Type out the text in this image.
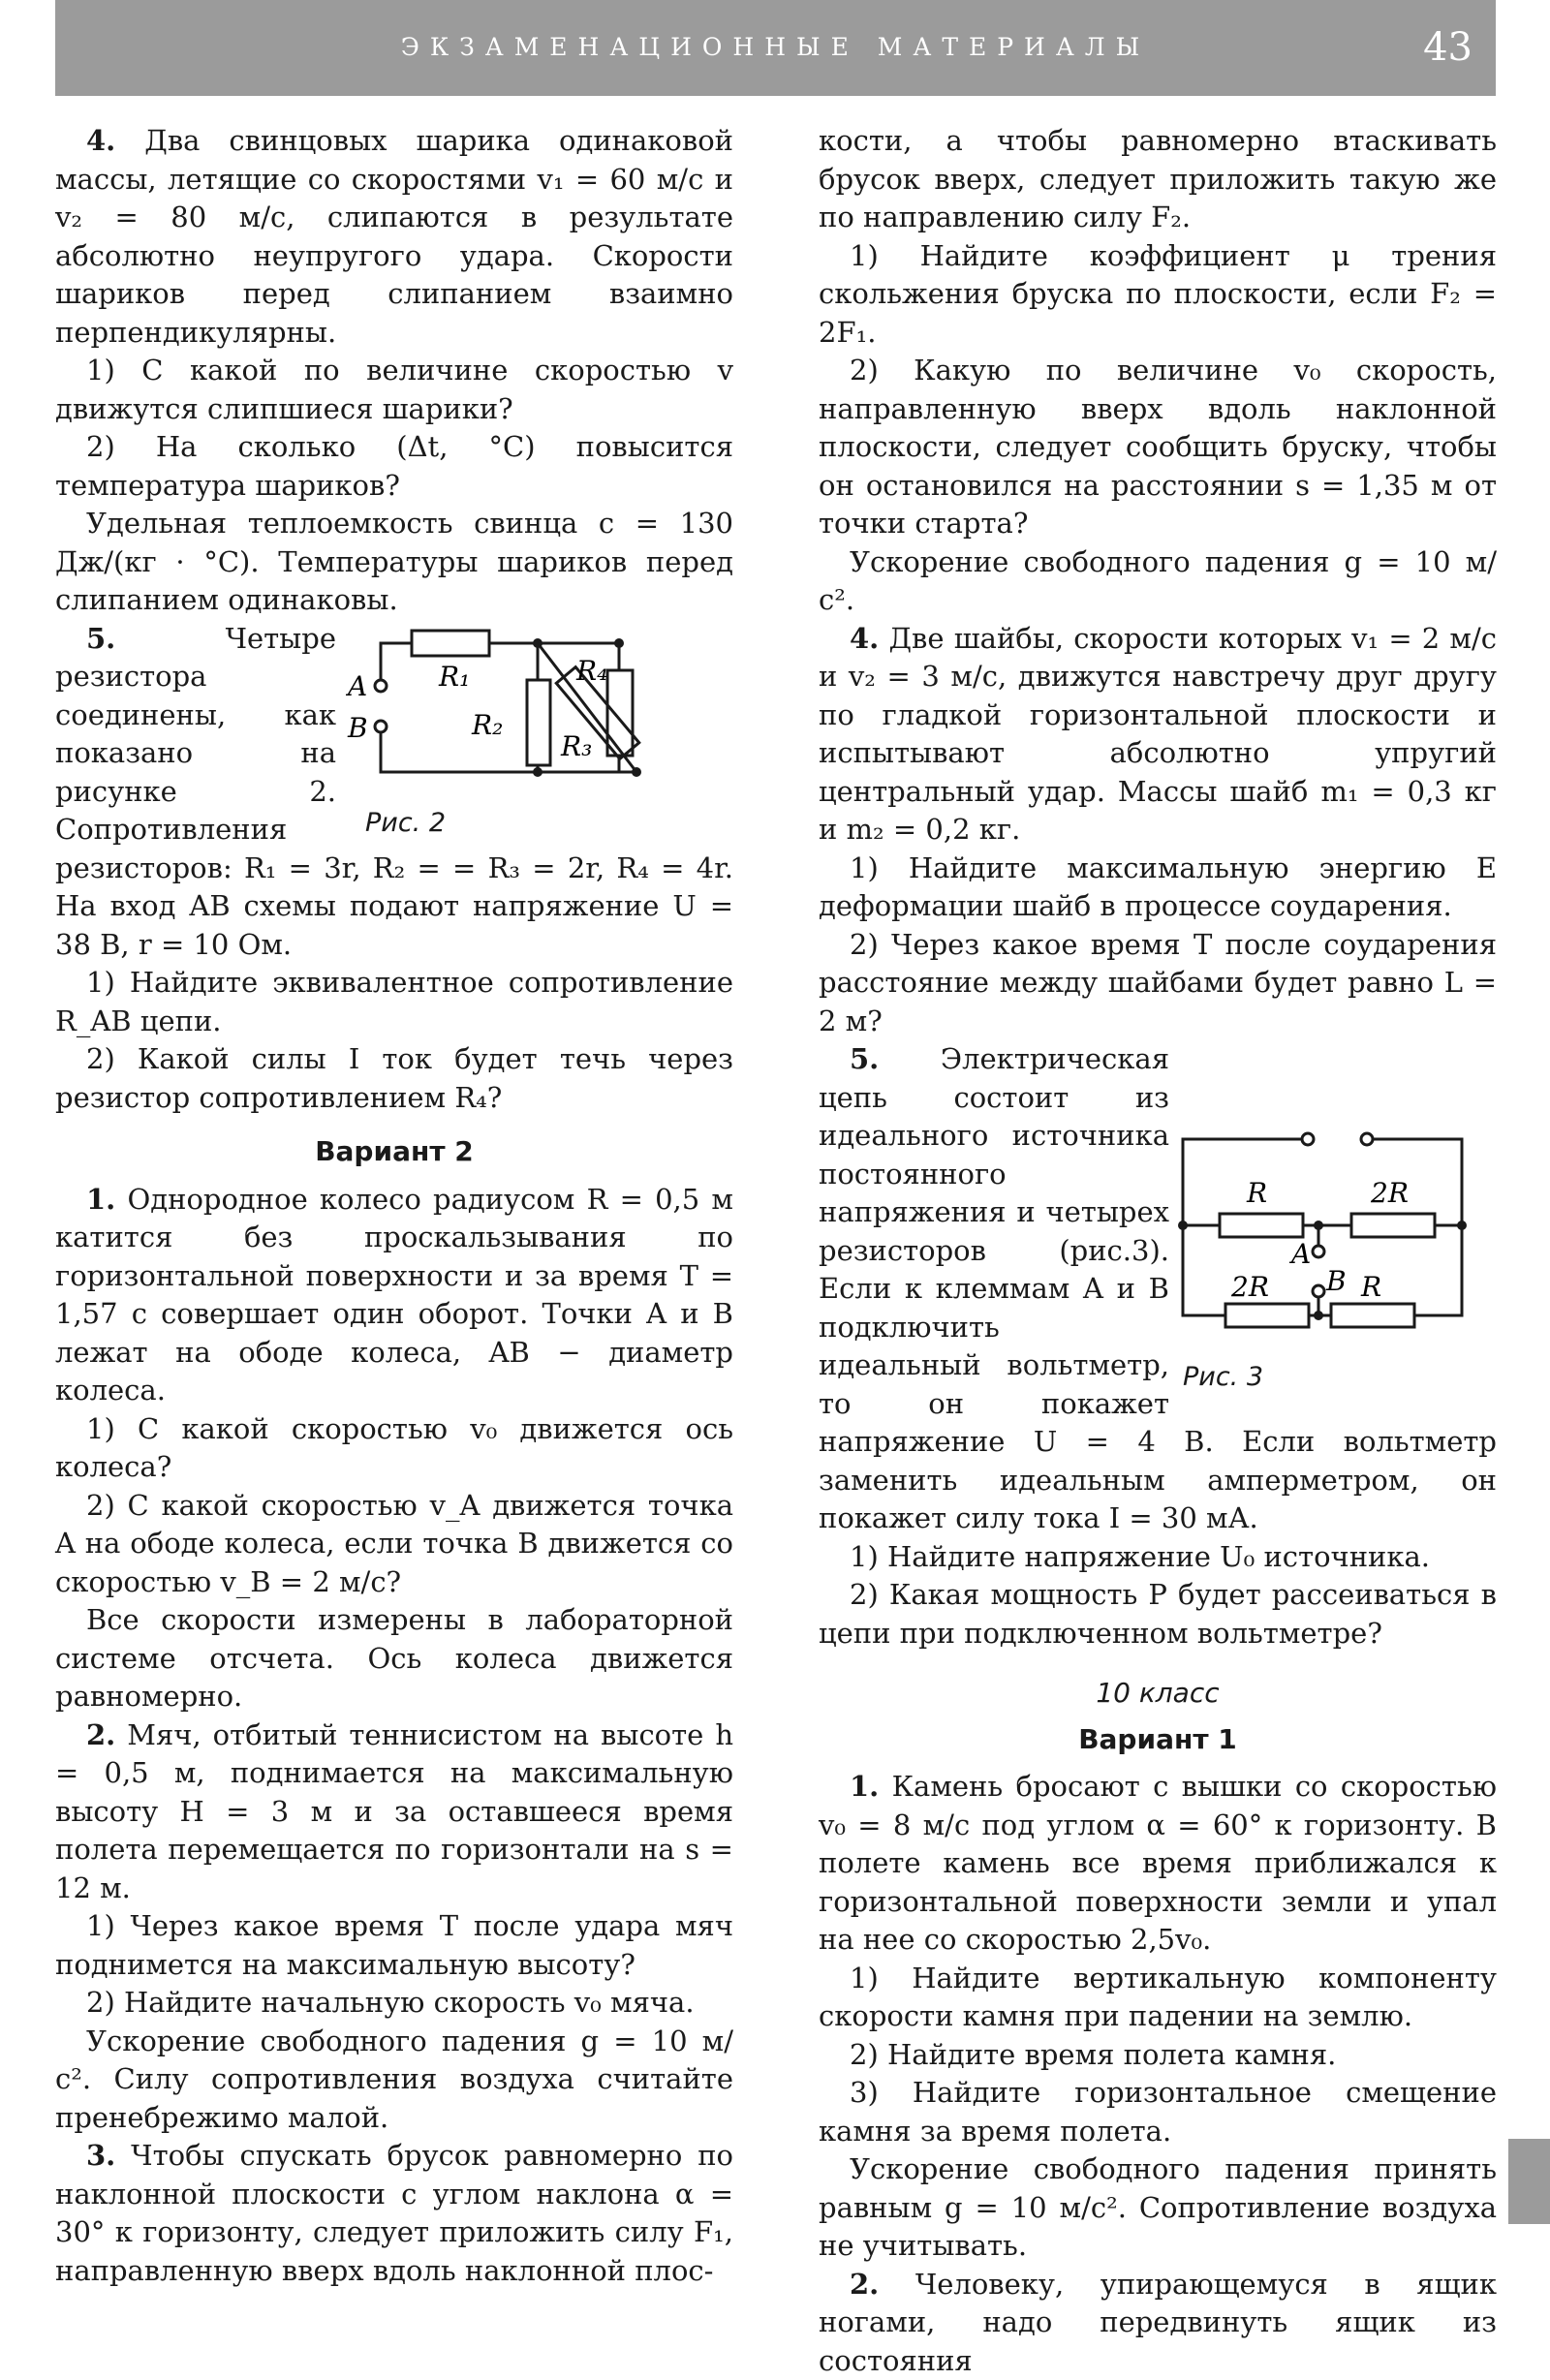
ЭКЗАМЕНАЦИОННЫЕ МАТЕРИАЛЫ	43

4. Два свинцовых шарика одинаковой массы, летящие со скоростями v₁ = 60 м/с и v₂ = 80 м/с, слипаются в результате абсолютно неупругого удара. Скорости шариков перед слипанием взаимно перпендикулярны.

1) С какой по величине скоростью v движутся слипшиеся шарики?

2) На сколько (Δt, °C) повысится температура шариков?

Удельная теплоемкость свинца c = 130 Дж/(кг · °C). Температуры шариков перед слипанием одинаковы.

A
B
R₁
R₂
R₃
R₄
Рис. 2

5.	Четыре резистора соединены, как показано на рисунке 2. Сопротивления резисторов: R₁ = 3r, R₂ = = R₃ = 2r, R₄ = 4r. На вход AB схемы подают напряжение U = 38 В, r = 10 Ом.

1) Найдите эквивалентное сопротивление R_AB цепи.

2) Какой силы I ток будет течь через резистор сопротивлением R₄?

Вариант 2

1. Однородное колесо радиусом R = 0,5 м катится без проскальзывания по горизонтальной поверхности и за время T = 1,57 с совершает один оборот. Точки A и B лежат на ободе колеса, AB − диаметр колеса.

1) С какой скоростью v₀ движется ось колеса?

2) С какой скоростью v_A движется точка A на ободе колеса, если точка B движется со скоростью v_B = 2 м/с?

Все скорости измерены в лабораторной системе отсчета. Ось колеса движется равномерно.

2. Мяч, отбитый теннисистом на высоте h = 0,5 м, поднимается на максимальную высоту H = 3 м и за оставшееся время полета перемещается по горизонтали на s = 12 м.

1) Через какое время T после удара мяч поднимется на максимальную высоту?

2) Найдите начальную скорость v₀ мяча.

Ускорение свободного падения g = 10 м/с². Силу сопротивления воздуха считайте пренебрежимо малой.

3. Чтобы спускать брусок равномерно по наклонной плоскости с углом наклона α = 30° к горизонту, следует приложить силу F₁, направленную вверх вдоль наклонной плос-

кости, а чтобы равномерно втаскивать брусок вверх, следует приложить такую же по направлению силу F₂.

1) Найдите коэффициент μ трения скольжения бруска по плоскости, если F₂ = 2F₁.

2) Какую по величине v₀ скорость, направленную вверх вдоль наклонной плоскости, следует сообщить бруску, чтобы он остановился на расстоянии s = 1,35 м от точки старта?

Ускорение свободного падения g = 10 м/с².

4. Две шайбы, скорости которых v₁ = 2 м/с и v₂ = 3 м/с, движутся навстречу друг другу по гладкой горизонтальной плоскости и испытывают абсолютно упругий центральный удар. Массы шайб m₁ = 0,3 кг и m₂ = 0,2 кг.

1) Найдите максимальную энергию E деформации шайб в процессе соударения.

2) Через какое время T после соударения расстояние между шайбами будет равно L = 2 м?

R	2R
2R	R
A
B
Рис. 3

5. Электрическая цепь состоит из идеального источника постоянного напряжения и четырех резисторов (рис.3). Если к клеммам A и B подключить идеальный вольтметр, то он покажет напряжение U = 4 В. Если вольтметр заменить идеальным амперметром, он покажет силу тока I = 30 мА.

1) Найдите напряжение U₀ источника.

2) Какая мощность P будет рассеиваться в цепи при подключенном вольтметре?

10 класс

Вариант 1

1. Камень бросают с вышки со скоростью v₀ = 8 м/с под углом α = 60° к горизонту. В полете камень все время приближался к горизонтальной поверхности земли и упал на нее со скоростью 2,5v₀.

1) Найдите вертикальную компоненту скорости камня при падении на землю.

2) Найдите время полета камня.

3) Найдите горизонтальное смещение камня за время полета.

Ускорение свободного падения принять равным g = 10 м/с². Сопротивление воздуха не учитывать.

2. Человеку, упирающемуся в ящик ногами, надо передвинуть ящик из состояния
